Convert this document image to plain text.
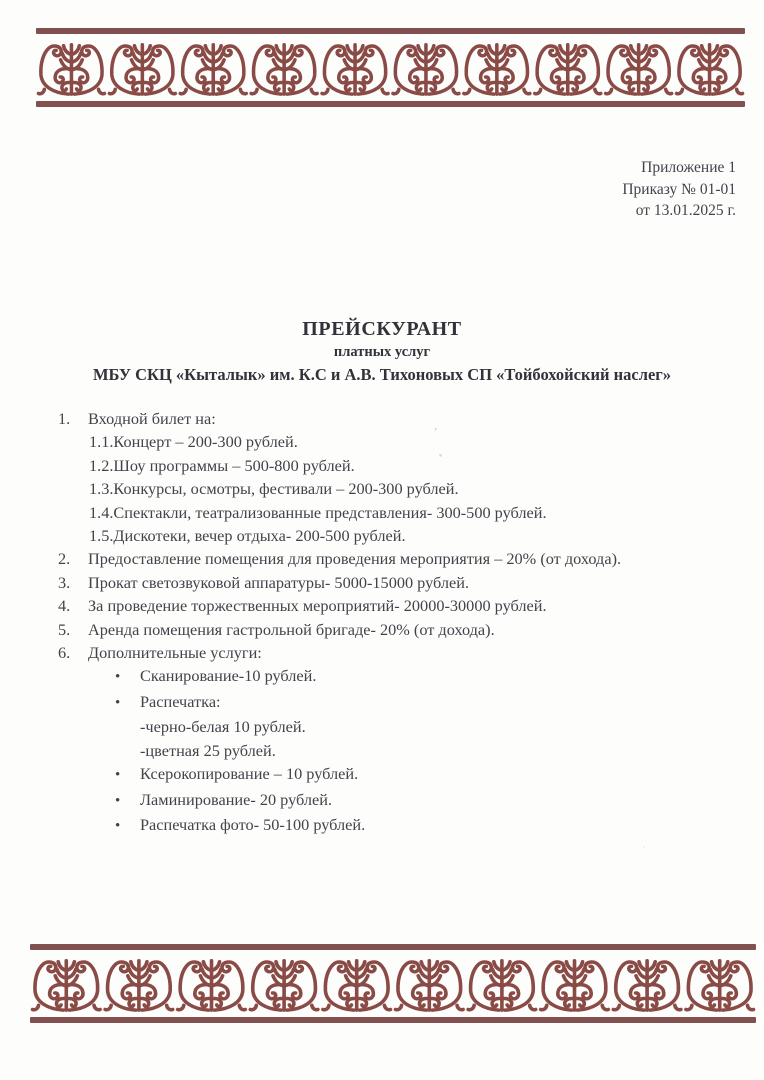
Приложение 1
Приказу № 01-01
от 13.01.2025 г.
ПРЕЙСКУРАНТ
платных услуг
МБУ СКЦ «Кыталык» им. К.С и А.В. Тихоновых СП «Тойбохойский наслег»
1. Входной билет на:
1.1.Концерт – 200-300 рублей.
1.2.Шоу программы – 500-800 рублей.
1.3.Конкурсы, осмотры, фестивали – 200-300 рублей.
1.4.Спектакли, театрализованные представления- 300-500 рублей.
1.5.Дискотеки, вечер отдыха- 200-500 рублей.
2. Предоставление помещения для проведения мероприятия – 20% (от дохода).
3. Прокат светозвуковой аппаратуры- 5000-15000 рублей.
4. За проведение торжественных мероприятий- 20000-30000 рублей.
5. Аренда помещения гастрольной бригаде- 20% (от дохода).
6. Дополнительные услуги:
• Сканирование-10 рублей.
• Распечатка:
-черно-белая 10 рублей.
-цветная 25 рублей.
• Ксерокопирование – 10 рублей.
• Ламинирование- 20 рублей.
• Распечатка фото- 50-100 рублей.
ʼ
﹡
·
